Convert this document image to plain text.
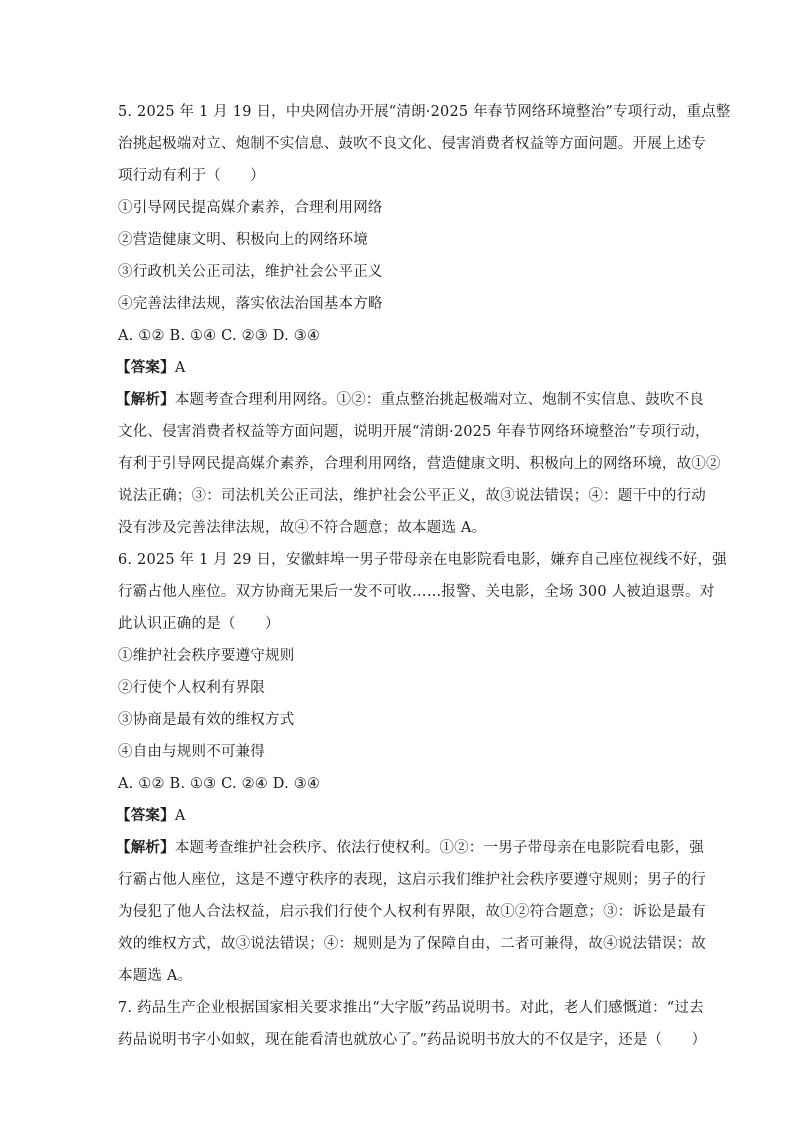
5. 2025 年 1 月 19 日，中央网信办开展“清朗·2025 年春节网络环境整治”专项行动，重点整
治挑起极端对立、炮制不实信息、鼓吹不良文化、侵害消费者权益等方面问题。开展上述专
项行动有利于（　　）
①引导网民提高媒介素养，合理利用网络
②营造健康文明、积极向上的网络环境
③行政机关公正司法，维护社会公平正义
④完善法律法规，落实依法治国基本方略
A. ①② B. ①④ C. ②③ D. ③④
【答案】A
【解析】本题考查合理利用网络。①②：重点整治挑起极端对立、炮制不实信息、鼓吹不良
文化、侵害消费者权益等方面问题，说明开展“清朗·2025 年春节网络环境整治”专项行动，
有利于引导网民提高媒介素养，合理利用网络，营造健康文明、积极向上的网络环境，故①②
说法正确；③：司法机关公正司法，维护社会公平正义，故③说法错误；④：题干中的行动
没有涉及完善法律法规，故④不符合题意；故本题选 A。
6. 2025 年 1 月 29 日，安徽蚌埠一男子带母亲在电影院看电影，嫌弃自己座位视线不好，强
行霸占他人座位。双方协商无果后一发不可收……报警、关电影，全场 300 人被迫退票。对
此认识正确的是（　　）
①维护社会秩序要遵守规则
②行使个人权利有界限
③协商是最有效的维权方式
④自由与规则不可兼得
A. ①② B. ①③ C. ②④ D. ③④
【答案】A
【解析】本题考查维护社会秩序、依法行使权利。①②：一男子带母亲在电影院看电影，强
行霸占他人座位，这是不遵守秩序的表现，这启示我们维护社会秩序要遵守规则；男子的行
为侵犯了他人合法权益，启示我们行使个人权利有界限，故①②符合题意；③：诉讼是最有
效的维权方式，故③说法错误；④：规则是为了保障自由，二者可兼得，故④说法错误；故
本题选 A。
7. 药品生产企业根据国家相关要求推出“大字版”药品说明书。对此，老人们感慨道：“过去
药品说明书字小如蚁，现在能看清也就放心了。”药品说明书放大的不仅是字，还是（　　）
